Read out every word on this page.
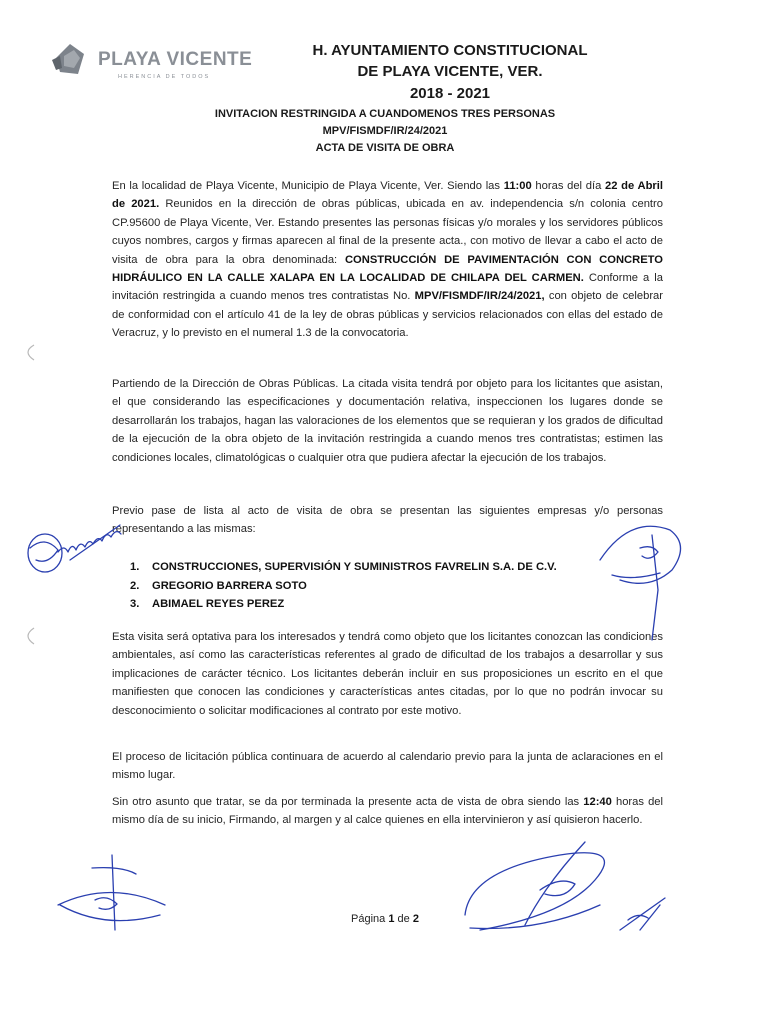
PLAYA VICENTE
HERENCIA DE TODOS
H. AYUNTAMIENTO CONSTITUCIONAL
DE PLAYA VICENTE, VER.
2018 - 2021
INVITACION RESTRINGIDA A CUANDOMENOS TRES PERSONAS
MPV/FISMDF/IR/24/2021
ACTA DE VISITA DE OBRA

En la localidad de Playa Vicente, Municipio de Playa Vicente, Ver. Siendo las 11:00 horas del día 22 de Abril de 2021. Reunidos en la dirección de obras públicas, ubicada en av. independencia s/n colonia centro CP.95600 de Playa Vicente, Ver. Estando presentes las personas físicas y/o morales y los servidores públicos cuyos nombres, cargos y firmas aparecen al final de la presente acta., con motivo de llevar a cabo el acto de visita de obra para la obra denominada: CONSTRUCCIÓN DE PAVIMENTACIÓN CON CONCRETO HIDRÁULICO EN LA CALLE XALAPA EN LA LOCALIDAD DE CHILAPA DEL CARMEN. Conforme a la invitación restringida a cuando menos tres contratistas No. MPV/FISMDF/IR/24/2021, con objeto de celebrar de conformidad con el artículo 41 de la ley de obras públicas y servicios relacionados con ellas del estado de Veracruz, y lo previsto en el numeral 1.3 de la convocatoria.

Partiendo de la Dirección de Obras Públicas. La citada visita tendrá por objeto para los licitantes que asistan, el que considerando las especificaciones y documentación relativa, inspeccionen los lugares donde se desarrollarán los trabajos, hagan las valoraciones de los elementos que se requieran y los grados de dificultad de la ejecución de la obra objeto de la invitación restringida a cuando menos tres contratistas; estimen las condiciones locales, climatológicas o cualquier otra que pudiera afectar la ejecución de los trabajos.

Previo pase de lista al acto de visita de obra se presentan las siguientes empresas y/o personas representando a las mismas:

1. CONSTRUCCIONES, SUPERVISIÓN Y SUMINISTROS FAVRELIN S.A. DE C.V.
2. GREGORIO BARRERA SOTO
3. ABIMAEL REYES PEREZ

Esta visita será optativa para los interesados y tendrá como objeto que los licitantes conozcan las condiciones ambientales, así como las características referentes al grado de dificultad de los trabajos a desarrollar y sus implicaciones de carácter técnico. Los licitantes deberán incluir en sus proposiciones un escrito en el que manifiesten que conocen las condiciones y características antes citadas, por lo que no podrán invocar su desconocimiento o solicitar modificaciones al contrato por este motivo.

El proceso de licitación pública continuara de acuerdo al calendario previo para la junta de aclaraciones en el mismo lugar.

Sin otro asunto que tratar, se da por terminada la presente acta de vista de obra siendo las 12:40 horas del mismo día de su inicio, Firmando, al margen y al calce quienes en ella intervinieron y así quisieron hacerlo.

Página 1 de 2
